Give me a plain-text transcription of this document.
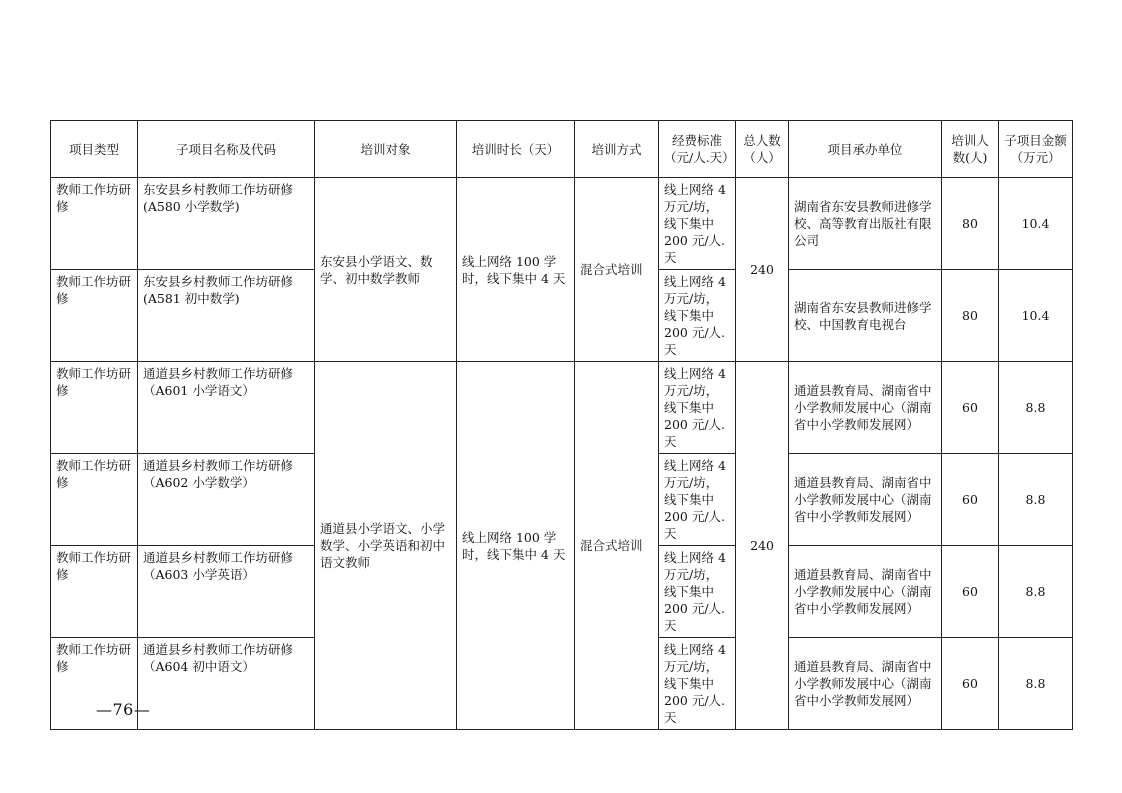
项目类型	子项目名称及代码	培训对象	培训时长（天）	培训方式	经费标准（元/人.天）	总人数（人）	项目承办单位	培训人数(人)	子项目金额（万元）
教师工作坊研修	东安县乡村教师工作坊研修(A580 小学数学)	东安县小学语文、数学、初中数学教师	线上网络 100 学时，线下集中 4 天	混合式培训	线上网络 4 万元/坊，线下集中 200 元/人.天	240	湖南省东安县教师进修学校、高等教育出版社有限公司	80	10.4
教师工作坊研修	东安县乡村教师工作坊研修(A581 初中数学)				线上网络 4 万元/坊，线下集中 200 元/人.天		湖南省东安县教师进修学校、中国教育电视台	80	10.4
教师工作坊研修	通道县乡村教师工作坊研修（A601 小学语文）	通道县小学语文、小学数学、小学英语和初中语文教师	线上网络 100 学时，线下集中 4 天	混合式培训	线上网络 4 万元/坊，线下集中 200 元/人.天	240	通道县教育局、湖南省中小学教师发展中心（湖南省中小学教师发展网）	60	8.8
教师工作坊研修	通道县乡村教师工作坊研修（A602 小学数学）				线上网络 4 万元/坊，线下集中 200 元/人.天		通道县教育局、湖南省中小学教师发展中心（湖南省中小学教师发展网）	60	8.8
教师工作坊研修	通道县乡村教师工作坊研修（A603 小学英语）				线上网络 4 万元/坊，线下集中 200 元/人.天		通道县教育局、湖南省中小学教师发展中心（湖南省中小学教师发展网）	60	8.8
教师工作坊研修	通道县乡村教师工作坊研修（A604 初中语文）				线上网络 4 万元/坊，线下集中 200 元/人.天		通道县教育局、湖南省中小学教师发展中心（湖南省中小学教师发展网）	60	8.8
—76—
